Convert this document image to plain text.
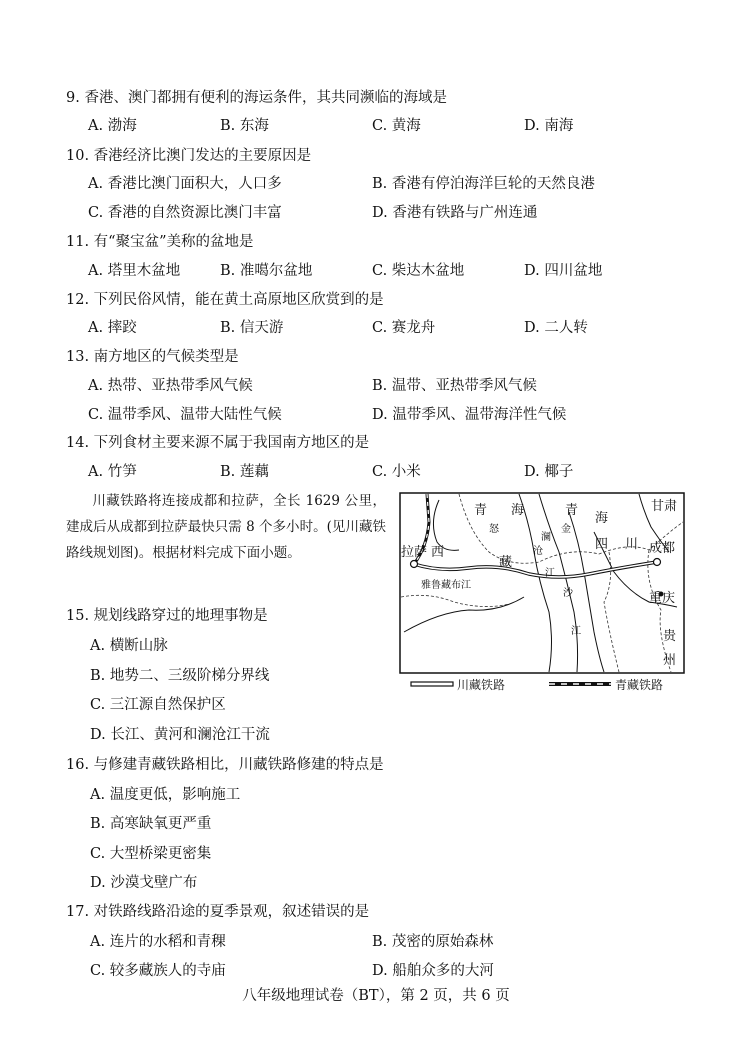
9. 香港、澳门都拥有便利的海运条件，其共同濒临的海域是
A. 渤海	B. 东海	C. 黄海	D. 南海
10. 香港经济比澳门发达的主要原因是
A. 香港比澳门面积大，人口多	B. 香港有停泊海洋巨轮的天然良港
C. 香港的自然资源比澳门丰富	D. 香港有铁路与广州连通
11. 有“聚宝盆”美称的盆地是
A. 塔里木盆地	B. 准噶尔盆地	C. 柴达木盆地	D. 四川盆地
12. 下列民俗风情，能在黄土高原地区欣赏到的是
A. 摔跤	B. 信天游	C. 赛龙舟	D. 二人转
13. 南方地区的气候类型是
A. 热带、亚热带季风气候	B. 温带、亚热带季风气候
C. 温带季风、温带大陆性气候	D. 温带季风、温带海洋性气候
14. 下列食材主要来源不属于我国南方地区的是
A. 竹笋	B. 莲藕	C. 小米	D. 椰子
川藏铁路将连接成都和拉萨，全长 1629 公里，建成后从成都到拉萨最快只需 8 个多小时。(见川藏铁路线规划图)。根据材料完成下面小题。
青 海	青
海
甘肃
拉萨 西
藏
四 川 成都
重庆
贵
州
雅鲁藏布江
怒
澜
沧
江
金
沙
江
川藏铁路	青藏铁路
15. 规划线路穿过的地理事物是
A. 横断山脉
B. 地势二、三级阶梯分界线
C. 三江源自然保护区
D. 长江、黄河和澜沧江干流
16. 与修建青藏铁路相比，川藏铁路修建的特点是
A. 温度更低，影响施工
B. 高寒缺氧更严重
C. 大型桥梁更密集
D. 沙漠戈壁广布
17. 对铁路线路沿途的夏季景观，叙述错误的是
A. 连片的水稻和青稞	B. 茂密的原始森林
C. 较多藏族人的寺庙	D. 船舶众多的大河
八年级地理试卷（BT），第 2 页，共 6 页
